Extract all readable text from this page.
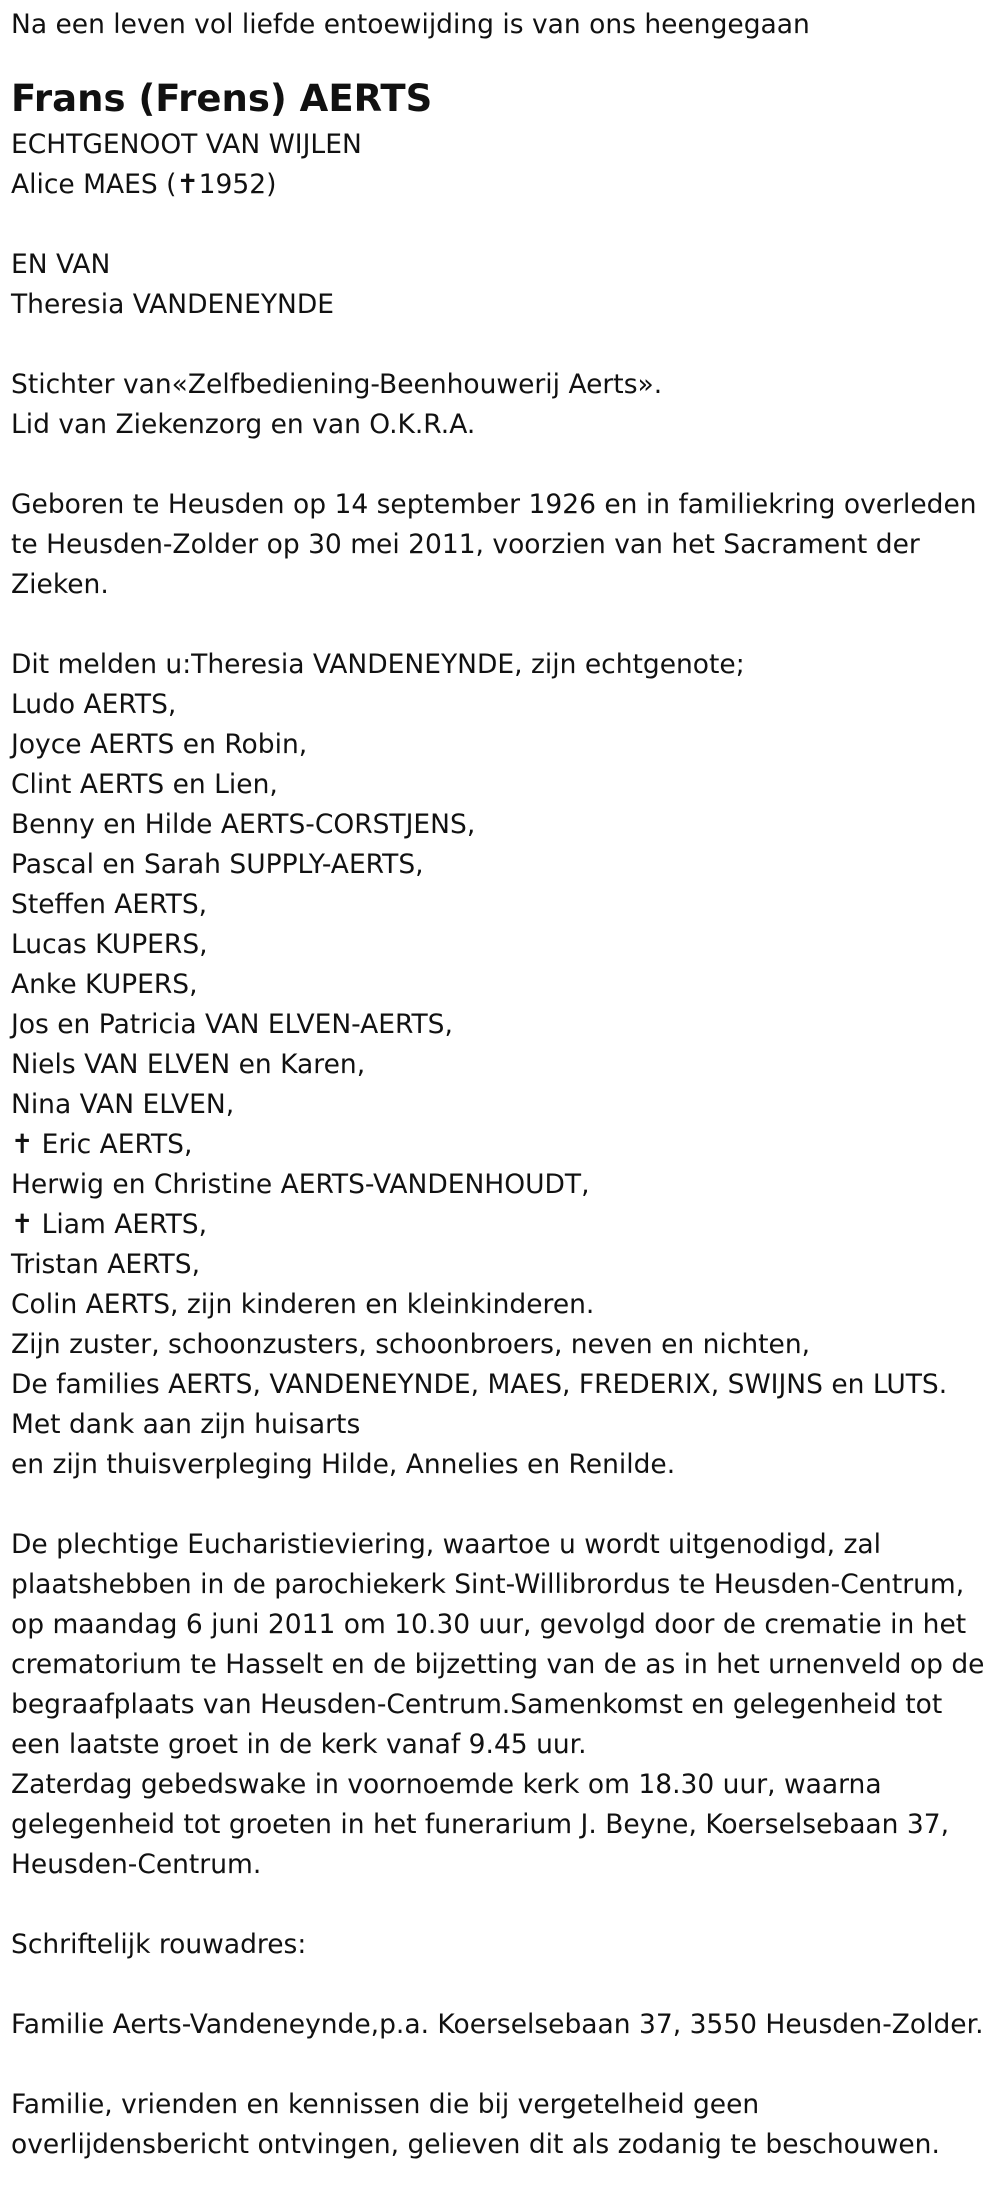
Na een leven vol liefde entoewijding is van ons heengegaan
Frans (Frens) AERTS
ECHTGENOOT VAN WIJLEN
Alice MAES (✝1952)
EN VAN
Theresia VANDENEYNDE
Stichter van«Zelfbediening-Beenhouwerij Aerts».
Lid van Ziekenzorg en van O.K.R.A.
Geboren te Heusden op 14 september 1926 en in familiekring overleden
te Heusden-Zolder op 30 mei 2011, voorzien van het Sacrament der
Zieken.
Dit melden u:Theresia VANDENEYNDE, zijn echtgenote;
Ludo AERTS,
Joyce AERTS en Robin,
Clint AERTS en Lien,
Benny en Hilde AERTS-CORSTJENS,
Pascal en Sarah SUPPLY-AERTS,
Steffen AERTS,
Lucas KUPERS,
Anke KUPERS,
Jos en Patricia VAN ELVEN-AERTS,
Niels VAN ELVEN en Karen,
Nina VAN ELVEN,
✝ Eric AERTS,
Herwig en Christine AERTS-VANDENHOUDT,
✝ Liam AERTS,
Tristan AERTS,
Colin AERTS, zijn kinderen en kleinkinderen.
Zijn zuster, schoonzusters, schoonbroers, neven en nichten,
De families AERTS, VANDENEYNDE, MAES, FREDERIX, SWIJNS en LUTS.
Met dank aan zijn huisarts
en zijn thuisverpleging Hilde, Annelies en Renilde.
De plechtige Eucharistieviering, waartoe u wordt uitgenodigd, zal
plaatshebben in de parochiekerk Sint-Willibrordus te Heusden-Centrum,
op maandag 6 juni 2011 om 10.30 uur, gevolgd door de crematie in het
crematorium te Hasselt en de bijzetting van de as in het urnenveld op de
begraafplaats van Heusden-Centrum.Samenkomst en gelegenheid tot
een laatste groet in de kerk vanaf 9.45 uur.
Zaterdag gebedswake in voornoemde kerk om 18.30 uur, waarna
gelegenheid tot groeten in het funerarium J. Beyne, Koerselsebaan 37,
Heusden-Centrum.
Schriftelijk rouwadres:
Familie Aerts-Vandeneynde,p.a. Koerselsebaan 37, 3550 Heusden-Zolder.
Familie, vrienden en kennissen die bij vergetelheid geen
overlijdensbericht ontvingen, gelieven dit als zodanig te beschouwen.
